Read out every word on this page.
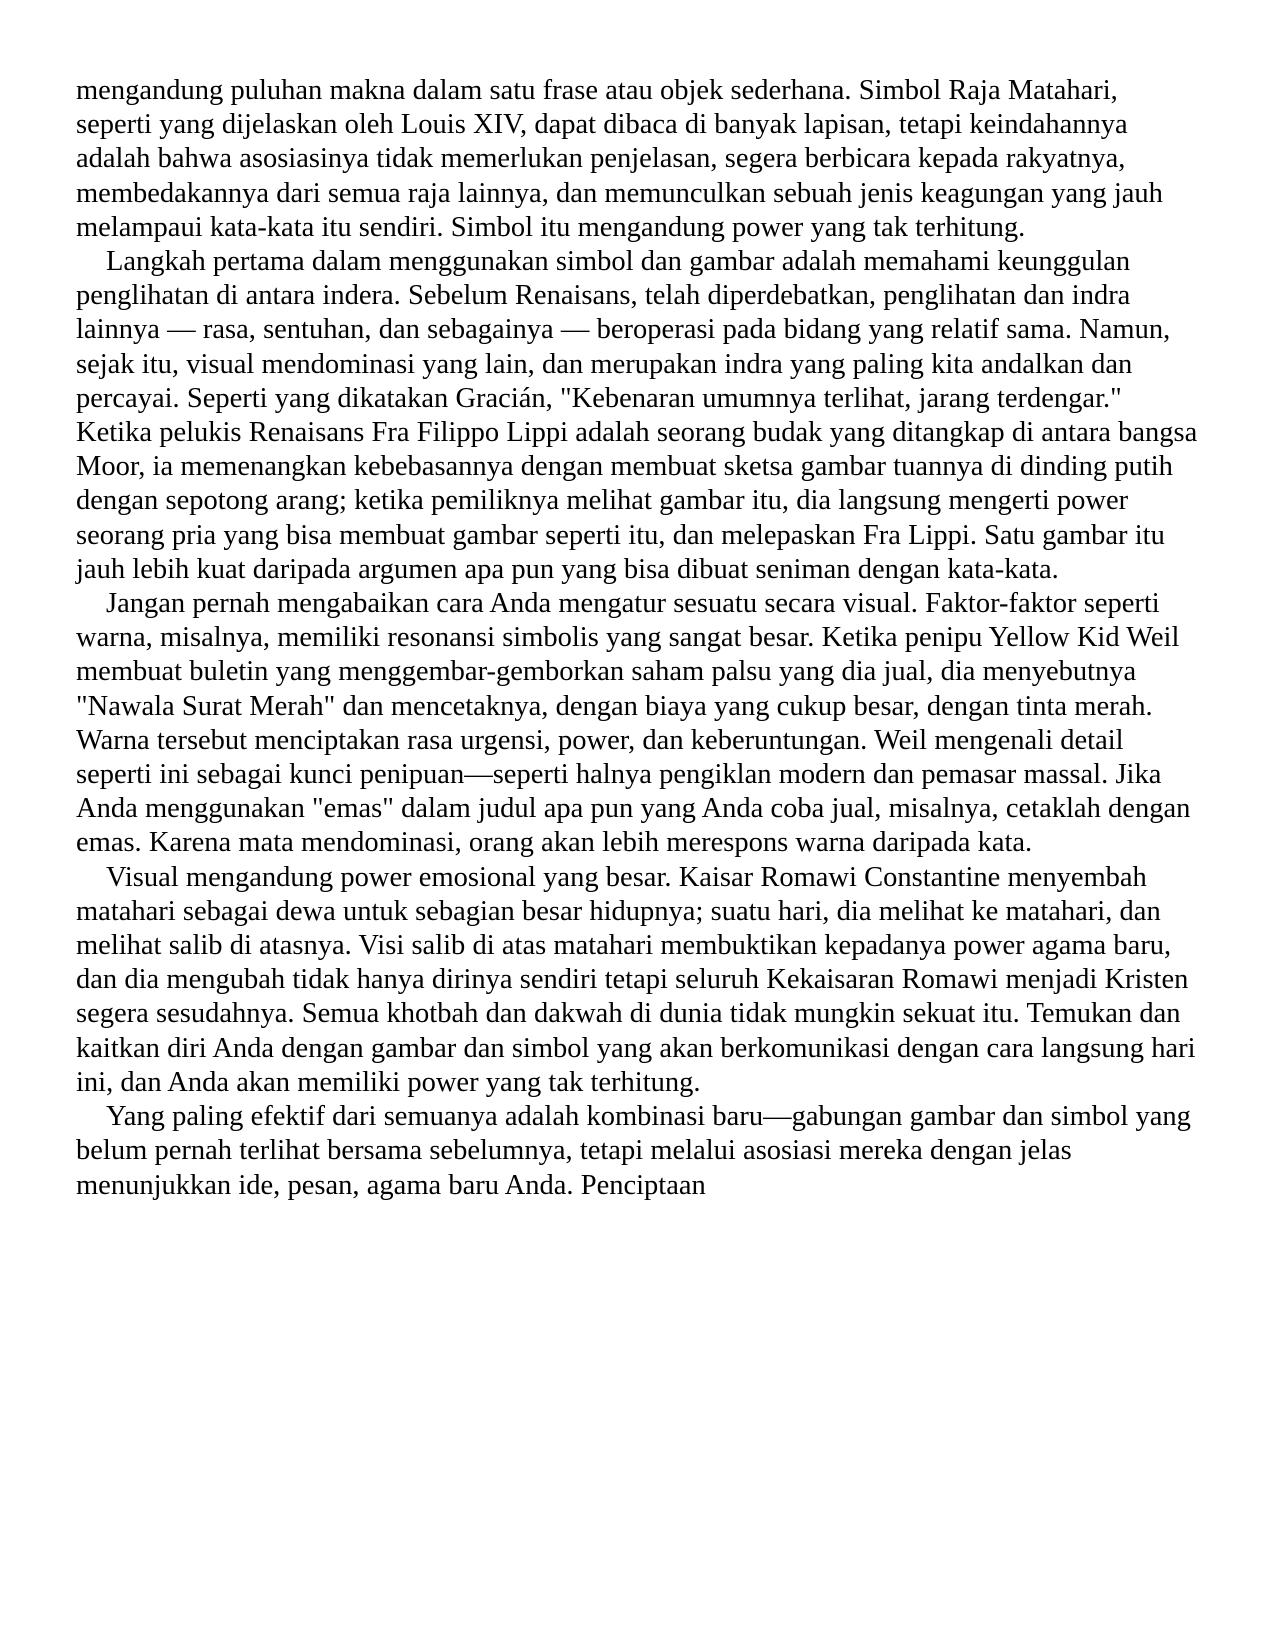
mengandung puluhan makna dalam satu frase atau objek sederhana. Simbol Raja Matahari, seperti yang dijelaskan oleh Louis XIV, dapat dibaca di banyak lapisan, tetapi keindahannya adalah bahwa asosiasinya tidak memerlukan penjelasan, segera berbicara kepada rakyatnya, membedakannya dari semua raja lainnya, dan memunculkan sebuah jenis keagungan yang jauh melampaui kata-kata itu sendiri. Simbol itu mengandung power yang tak terhitung.

Langkah pertama dalam menggunakan simbol dan gambar adalah memahami keunggulan penglihatan di antara indera. Sebelum Renaisans, telah diperdebatkan, penglihatan dan indra lainnya — rasa, sentuhan, dan sebagainya — beroperasi pada bidang yang relatif sama. Namun, sejak itu, visual mendominasi yang lain, dan merupakan indra yang paling kita andalkan dan percayai. Seperti yang dikatakan Gracián, "Kebenaran umumnya terlihat, jarang terdengar." Ketika pelukis Renaisans Fra Filippo Lippi adalah seorang budak yang ditangkap di antara bangsa Moor, ia memenangkan kebebasannya dengan membuat sketsa gambar tuannya di dinding putih dengan sepotong arang; ketika pemiliknya melihat gambar itu, dia langsung mengerti power seorang pria yang bisa membuat gambar seperti itu, dan melepaskan Fra Lippi. Satu gambar itu jauh lebih kuat daripada argumen apa pun yang bisa dibuat seniman dengan kata-kata.

Jangan pernah mengabaikan cara Anda mengatur sesuatu secara visual. Faktor-faktor seperti warna, misalnya, memiliki resonansi simbolis yang sangat besar. Ketika penipu Yellow Kid Weil membuat buletin yang menggembar-gemborkan saham palsu yang dia jual, dia menyebutnya "Nawala Surat Merah" dan mencetaknya, dengan biaya yang cukup besar, dengan tinta merah. Warna tersebut menciptakan rasa urgensi, power, dan keberuntungan. Weil mengenali detail seperti ini sebagai kunci penipuan—seperti halnya pengiklan modern dan pemasar massal. Jika Anda menggunakan "emas" dalam judul apa pun yang Anda coba jual, misalnya, cetaklah dengan emas. Karena mata mendominasi, orang akan lebih merespons warna daripada kata.

Visual mengandung power emosional yang besar. Kaisar Romawi Constantine menyembah matahari sebagai dewa untuk sebagian besar hidupnya; suatu hari, dia melihat ke matahari, dan melihat salib di atasnya. Visi salib di atas matahari membuktikan kepadanya power agama baru, dan dia mengubah tidak hanya dirinya sendiri tetapi seluruh Kekaisaran Romawi menjadi Kristen segera sesudahnya. Semua khotbah dan dakwah di dunia tidak mungkin sekuat itu. Temukan dan kaitkan diri Anda dengan gambar dan simbol yang akan berkomunikasi dengan cara langsung hari ini, dan Anda akan memiliki power yang tak terhitung.

Yang paling efektif dari semuanya adalah kombinasi baru—gabungan gambar dan simbol yang belum pernah terlihat bersama sebelumnya, tetapi melalui asosiasi mereka dengan jelas menunjukkan ide, pesan, agama baru Anda. Penciptaan
